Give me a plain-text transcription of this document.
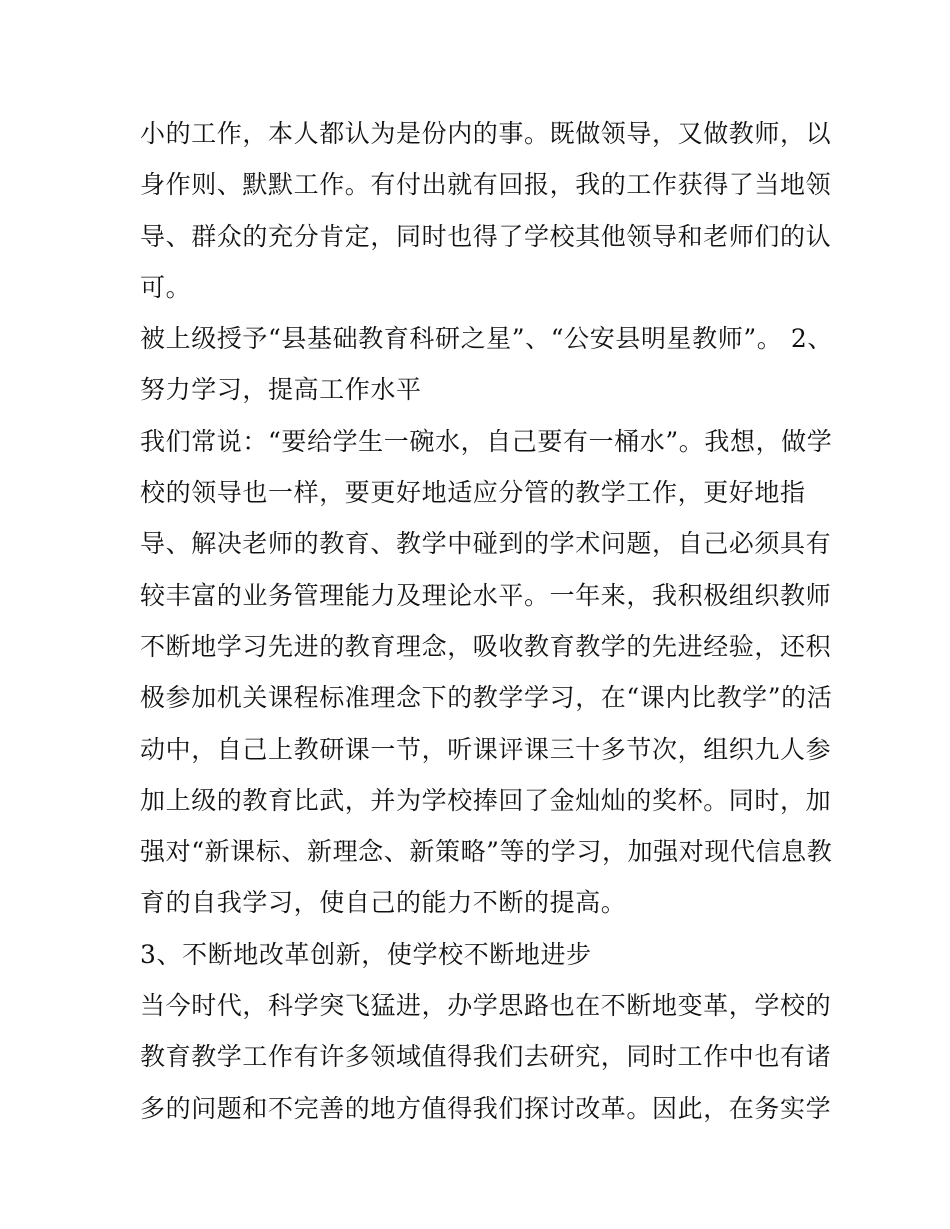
小的工作，本人都认为是份内的事。既做领导，又做教师，以
身作则、默默工作。有付出就有回报，我的工作获得了当地领
导、群众的充分肯定，同时也得了学校其他领导和老师们的认
可。
被上级授予“县基础教育科研之星”、“公安县明星教师”。 2、
努力学习，提高工作水平
我们常说：“要给学生一碗水，自己要有一桶水”。我想，做学
校的领导也一样，要更好地适应分管的教学工作，更好地指
导、解决老师的教育、教学中碰到的学术问题，自己必须具有
较丰富的业务管理能力及理论水平。一年来，我积极组织教师
不断地学习先进的教育理念，吸收教育教学的先进经验，还积
极参加机关课程标准理念下的教学学习，在“课内比教学”的活
动中，自己上教研课一节，听课评课三十多节次，组织九人参
加上级的教育比武，并为学校捧回了金灿灿的奖杯。同时，加
强对“新课标、新理念、新策略”等的学习，加强对现代信息教
育的自我学习，使自己的能力不断的提高。
3、不断地改革创新，使学校不断地进步
当今时代，科学突飞猛进，办学思路也在不断地变革，学校的
教育教学工作有许多领域值得我们去研究，同时工作中也有诸
多的问题和不完善的地方值得我们探讨改革。因此，在务实学
